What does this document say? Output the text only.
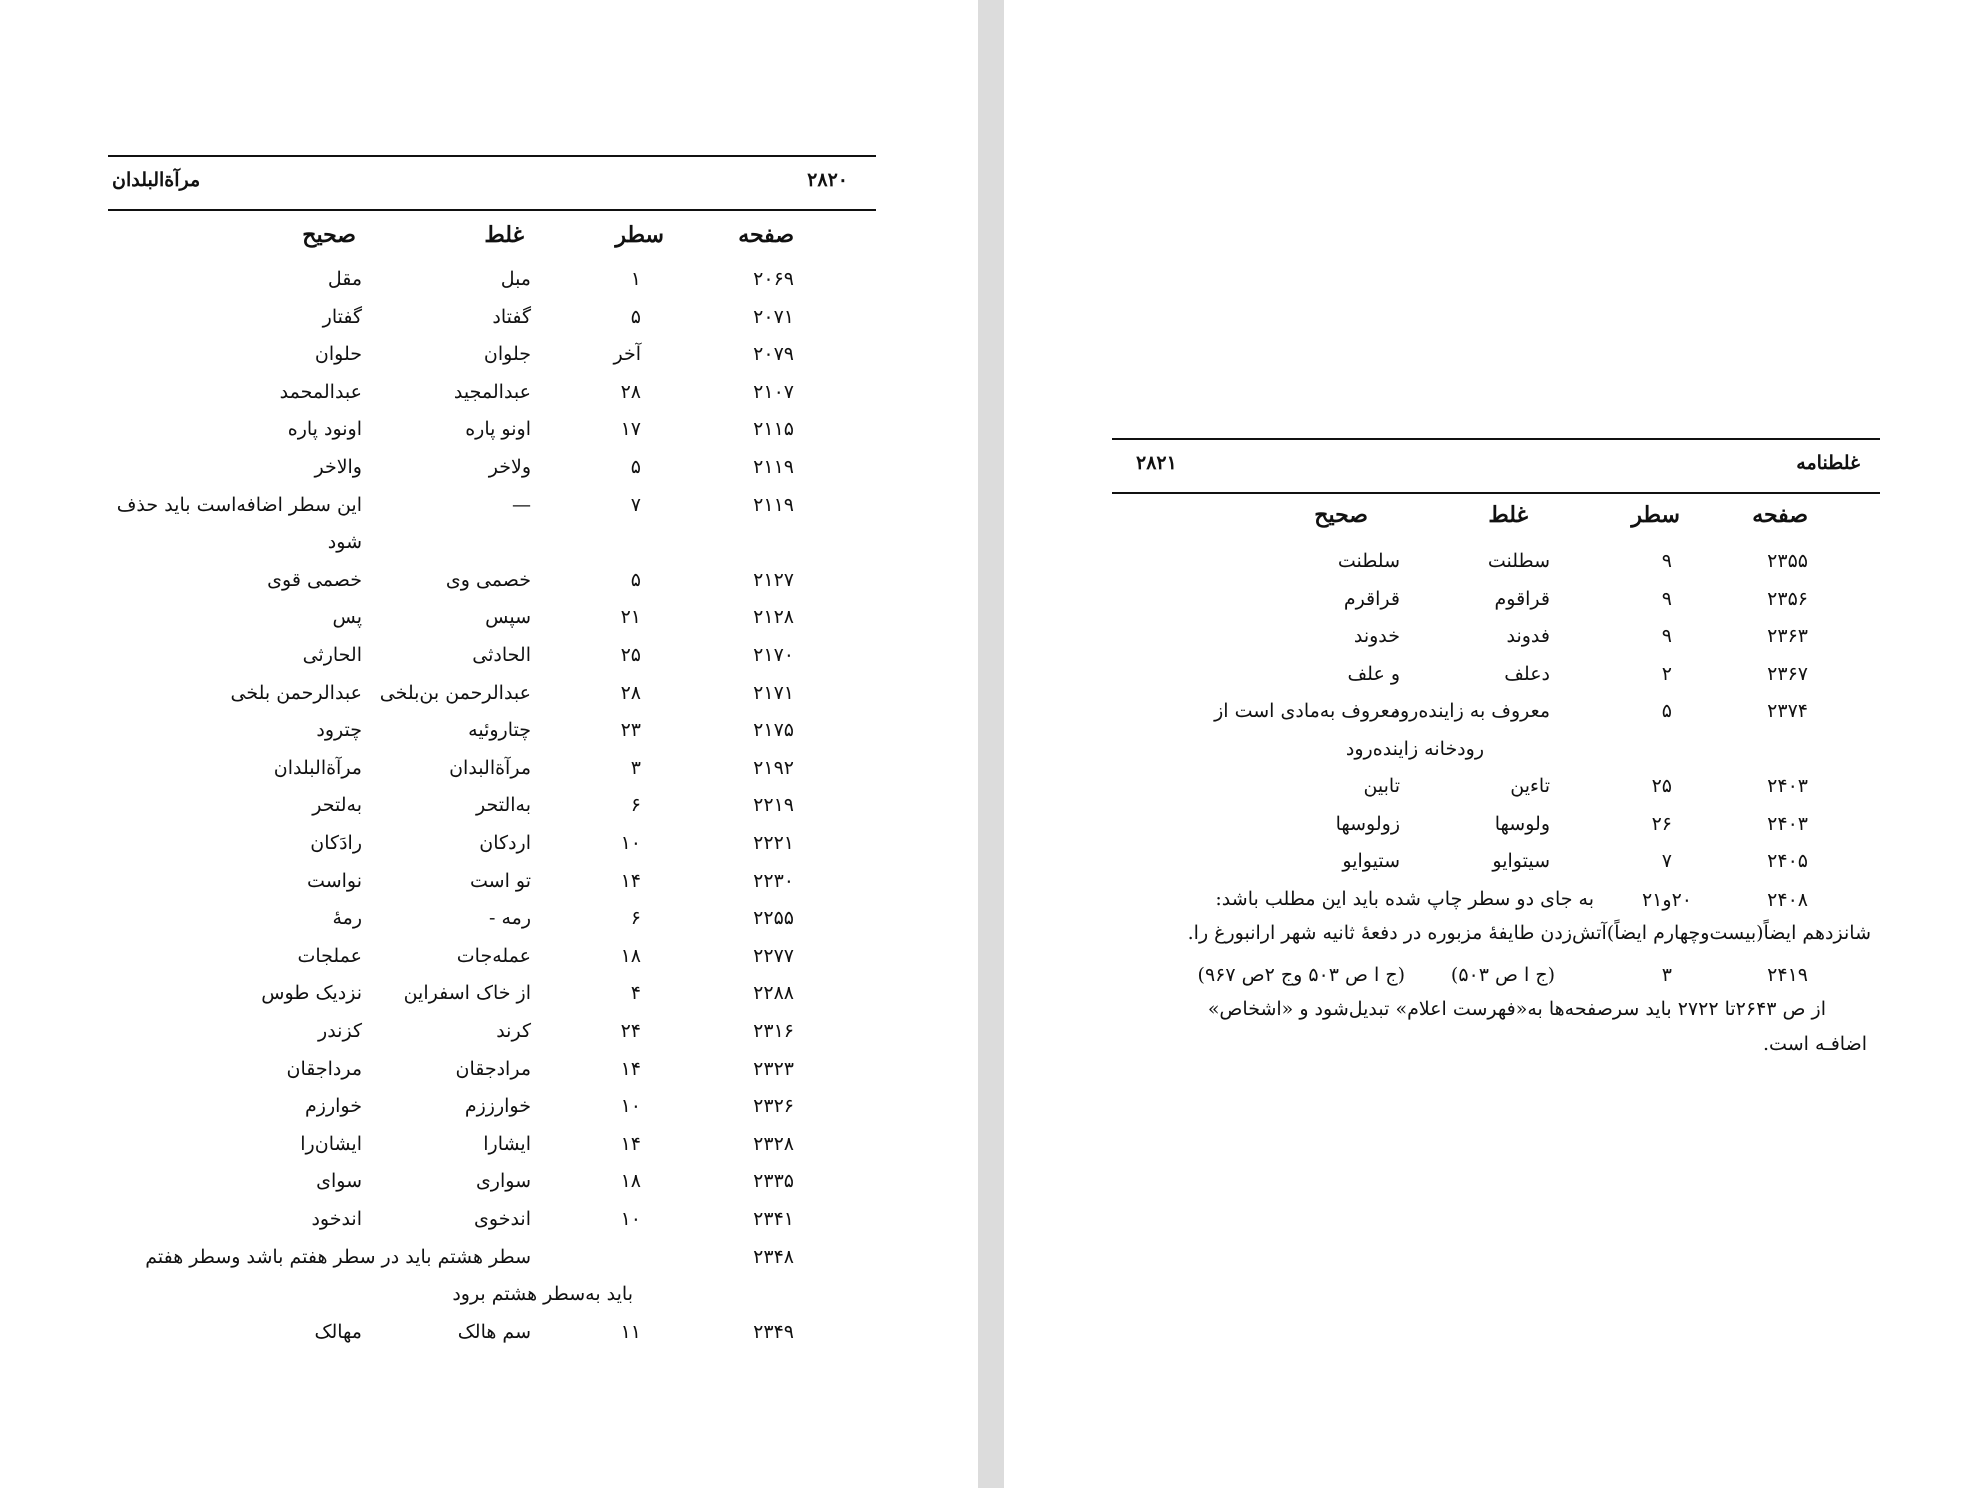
مرآة‌البلدان	۲۸۲۰
صفحه
سطر
غلط
صحیح
۲۰۶۹
۱
مبل
مقل
۲۰۷۱
۵
گفتاد
گفتار
۲۰۷۹
آخر
جلوان
حلوان
۲۱۰۷
۲۸
عبدالمجید
عبدالمحمد
۲۱۱۵
۱۷
اونو پاره
اونود پاره
۲۱۱۹
۵
ولاخر
والاخر
۲۱۱۹
۷
—
این سطر اضافه‌است باید حذف
شود
۲۱۲۷
۵
خصمی وی
خصمی قوی
۲۱۲۸
۲۱
سپس
پس
۲۱۷۰
۲۵
الحادثی
الحارثی
۲۱۷۱
۲۸
عبدالرحمن بن‌بلخی
عبدالرحمن بلخی
۲۱۷۵
۲۳
چتاروئیه
چترود
۲۱۹۲
۳
مرآة‌البدان
مرآة‌البلدان
۲۲۱۹
۶
به‌التحر
به‌لتحر
۲۲۲۱
۱۰
اردکان
رادَکان
۲۲۳۰
۱۴
تو است
نواست
۲۲۵۵
۶
رمه -
رمهٔ
۲۲۷۷
۱۸
عمله‌جات
عملجات
۲۲۸۸
۴
از خاک اسفراین
نزدیک طوس
۲۳۱۶
۲۴
کرند
کزندر
۲۳۲۳
۱۴
مرادجقان
مرداجقان
۲۳۲۶
۱۰
خوارززم
خوارزم
۲۳۲۸
۱۴
ایشارا
ایشان‌را
۲۳۳۵
۱۸
سواری
سوای
۲۳۴۱
۱۰
اندخوی
اندخود
۲۳۴۸
سطر هشتم باید در سطر هفتم باشد وسطر هفتم
باید به‌سطر هشتم برود
۲۳۴۹
۱۱
سم هالک
مهالک
غلطنامه
۲۸۲۱
صفحه
سطر
غلط
صحیح
۲۳۵۵
۹
سطلنت
سلطنت
۲۳۵۶
۹
قراقوم
قراقرم
۲۳۶۳
۹
فدوند
خدوند
۲۳۶۷
۲
دعلف
و علف
۲۳۷۴
۵
معروف به زاینده‌رود
معروف به‌مادی است از
رودخانه زاینده‌رود
۲۴۰۳
۲۵
تاءین
تابین
۲۴۰۳
۲۶
ولوسها
زولوسها
۲۴۰۵
۷
سیتوایو
ستیوایو
۲۴۰۸
۲۰و۲۱
به جای دو سطر چاپ شده باید این مطلب باشد:
شانزدهم ایضاً(بیست‌وچهارم ایضاً)آتش‌زدن طایفهٔ مزبوره در دفعهٔ ثانیه شهر ارانبورغ را.
۲۴۱۹
۳
(ج ا ص ۵۰۳)
(ج ا ص ۵۰۳ وج ۲ص ۹۶۷)
از ص ۲۶۴۳تا ۲۷۲۲ باید سرصفحه‌ها به«فهرست اعلام» تبدیل‌شود و «اشخاص»
اضافـه است.
